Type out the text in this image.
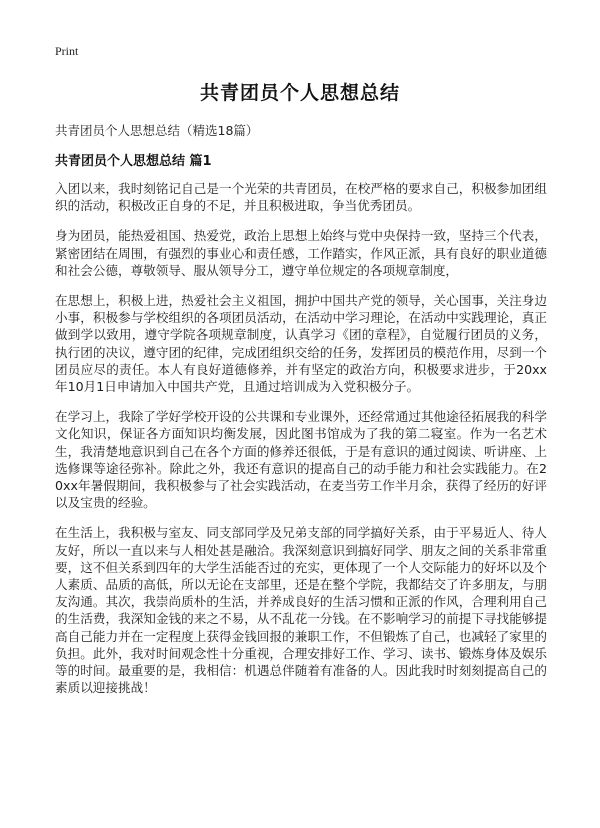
Print
共青团员个人思想总结
共青团员个人思想总结（精选18篇）
共青团员个人思想总结 篇1

入团以来，我时刻铭记自己是一个光荣的共青团员，在校严格的要求自己，积极参加团组织的活动，积极改正自身的不足，并且积极进取，争当优秀团员。

身为团员，能热爱祖国、热爱党，政治上思想上始终与党中央保持一致，坚持三个代表，紧密团结在周围，有强烈的事业心和责任感，工作踏实，作风正派，具有良好的职业道德和社会公德，尊敬领导、服从领导分工，遵守单位规定的各项规章制度，

在思想上，积极上进，热爱社会主义祖国，拥护中国共产党的领导，关心国事，关注身边小事，积极参与学校组织的各项团员活动，在活动中学习理论，在活动中实践理论，真正做到学以致用，遵守学院各项规章制度，认真学习《团的章程》，自觉履行团员的义务，执行团的决议，遵守团的纪律，完成团组织交给的任务，发挥团员的模范作用，尽到一个团员应尽的责任。本人有良好道德修养，并有坚定的政治方向，积极要求进步，于20xx年10月1日申请加入中国共产党，且通过培训成为入党积极分子。

在学习上，我除了学好学校开设的公共课和专业课外，还经常通过其他途径拓展我的科学文化知识，保证各方面知识均衡发展，因此图书馆成为了我的第二寝室。作为一名艺术生，我清楚地意识到自己在各个方面的修养还很低，于是有意识的通过阅读、听讲座、上选修课等途径弥补。除此之外，我还有意识的提高自己的动手能力和社会实践能力。在20xx年暑假期间，我积极参与了社会实践活动，在麦当劳工作半月余，获得了经历的好评以及宝贵的经验。

在生活上，我积极与室友、同支部同学及兄弟支部的同学搞好关系，由于平易近人、待人友好，所以一直以来与人相处甚是融洽。我深刻意识到搞好同学、朋友之间的关系非常重要，这不但关系到四年的大学生活能否过的充实，更体现了一个人交际能力的好坏以及个人素质、品质的高低，所以无论在支部里，还是在整个学院，我都结交了许多朋友，与朋友沟通。其次，我崇尚质朴的生活，并养成良好的生活习惯和正派的作风，合理利用自己的生活费，我深知金钱的来之不易，从不乱花一分钱。在不影响学习的前提下寻找能够提高自己能力并在一定程度上获得金钱回报的兼职工作，不但锻炼了自己，也减轻了家里的负担。此外，我对时间观念性十分重视，合理安排好工作、学习、读书、锻炼身体及娱乐等的时间。最重要的是，我相信：机遇总伴随着有准备的人。因此我时时刻刻提高自己的素质以迎接挑战！
